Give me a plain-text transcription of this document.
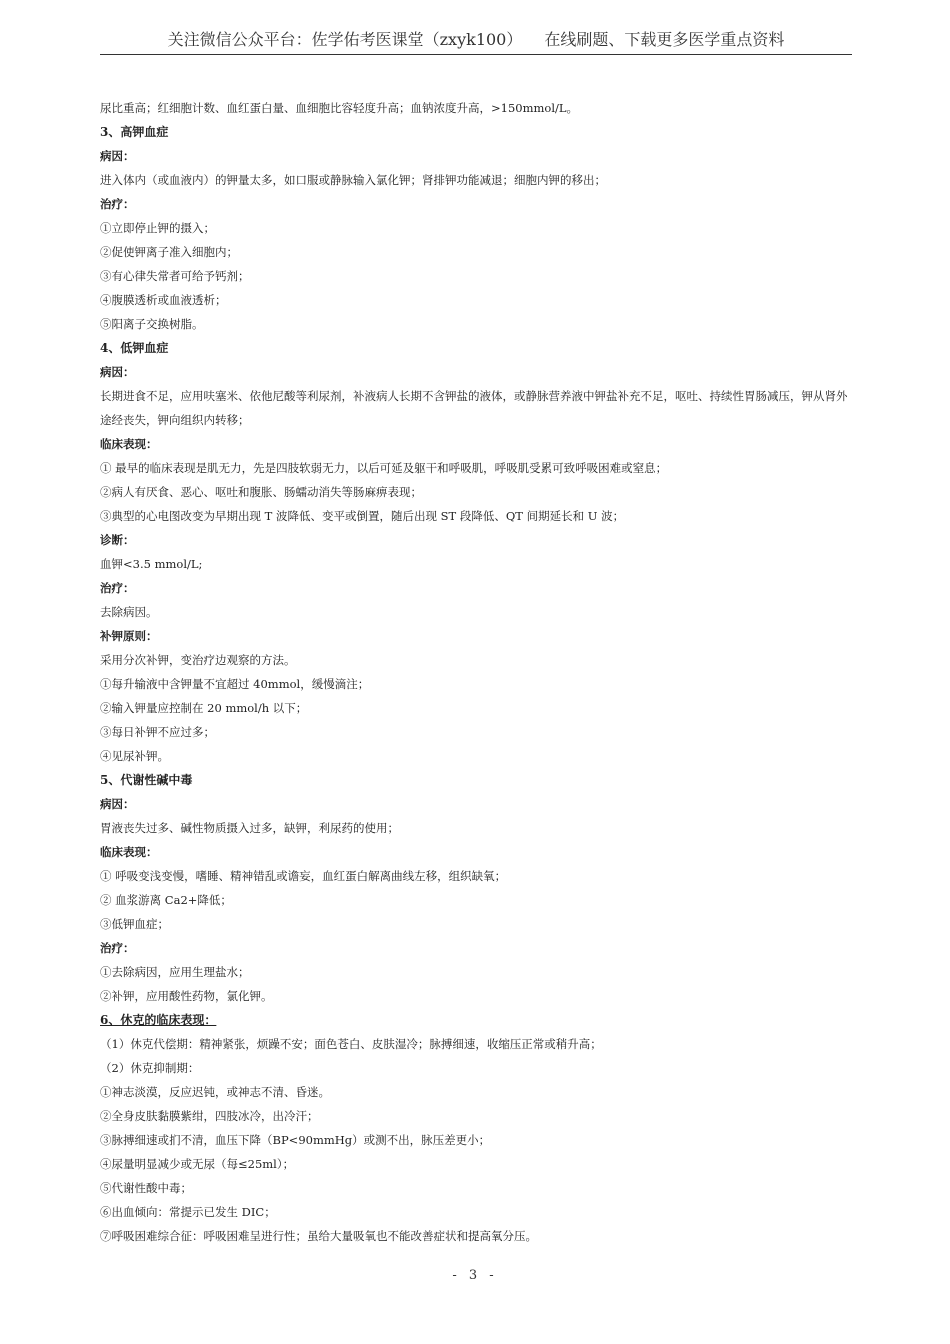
关注微信公众平台：佐学佑考医课堂（zxyk100） 在线刷题、下载更多医学重点资料
尿比重高；红细胞计数、血红蛋白量、血细胞比容轻度升高；血钠浓度升高，>150mmol/L。
3、高钾血症
病因：
进入体内（或血液内）的钾量太多，如口服或静脉输入氯化钾；肾排钾功能减退；细胞内钾的移出；
治疗：
①立即停止钾的摄入；
②促使钾离子准入细胞内；
③有心律失常者可给予钙剂；
④腹膜透析或血液透析；
⑤阳离子交换树脂。
4、低钾血症
病因：
长期进食不足，应用呋塞米、依他尼酸等利尿剂，补液病人长期不含钾盐的液体，或静脉营养液中钾盐补充不足，呕吐、持续性胃肠减压，钾从肾外途经丧失，钾向组织内转移；
临床表现：
① 最早的临床表现是肌无力，先是四肢软弱无力，以后可延及躯干和呼吸肌，呼吸肌受累可致呼吸困难或窒息；
②病人有厌食、恶心、呕吐和腹胀、肠蠕动消失等肠麻痹表现；
③典型的心电图改变为早期出现 T 波降低、变平或倒置，随后出现 ST 段降低、QT 间期延长和 U 波；
诊断：
血钾<3.5 mmol/L;
治疗：
去除病因。
补钾原则：
采用分次补钾，变治疗边观察的方法。
①每升输液中含钾量不宜超过 40mmol，缓慢滴注；
②输入钾量应控制在 20 mmol/h 以下；
③每日补钾不应过多；
④见尿补钾。
5、代谢性碱中毒
病因：
胃液丧失过多、碱性物质摄入过多，缺钾，利尿药的使用；
临床表现：
① 呼吸变浅变慢，嗜睡、精神错乱或谵妄，血红蛋白解离曲线左移，组织缺氧；
② 血浆游离 Ca2+降低；
③低钾血症；
治疗：
①去除病因，应用生理盐水；
②补钾，应用酸性药物，氯化钾。
6、休克的临床表现：
（1）休克代偿期：精神紧张，烦躁不安；面色苍白、皮肤湿冷；脉搏细速，收缩压正常或稍升高；
（2）休克抑制期：
①神志淡漠，反应迟钝，或神志不清、昏迷。
②全身皮肤黏膜紫绀，四肢冰冷，出冷汗；
③脉搏细速或扪不清，血压下降（BP<90mmHg）或测不出，脉压差更小；
④尿量明显减少或无尿（每≤25ml）；
⑤代谢性酸中毒；
⑥出血倾向：常提示已发生 DIC；
⑦呼吸困难综合征：呼吸困难呈进行性；虽给大量吸氧也不能改善症状和提高氧分压。
- 3 -
